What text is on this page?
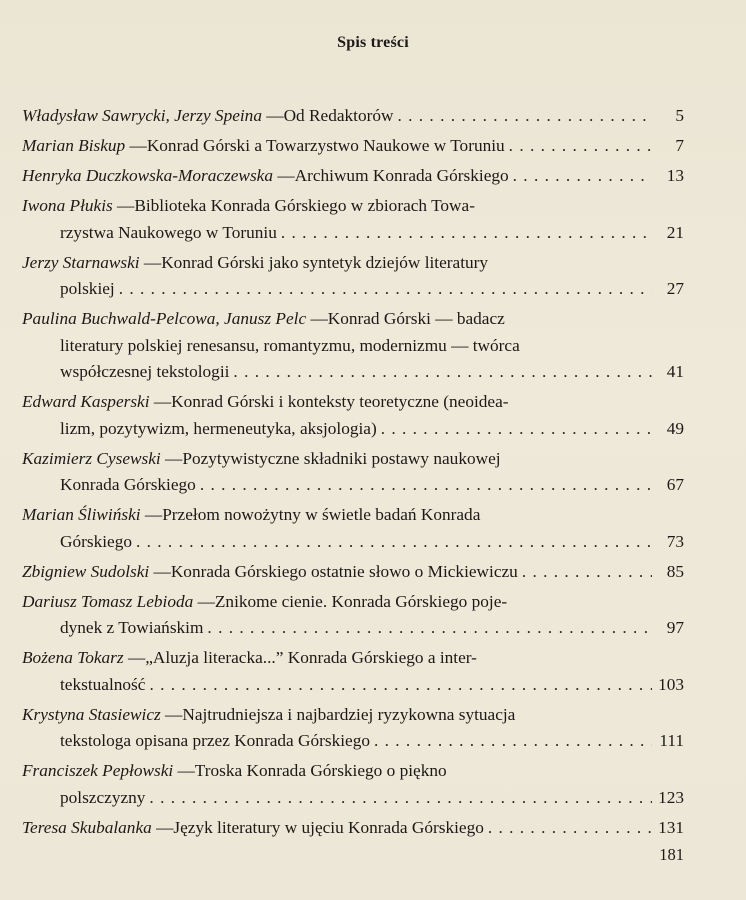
Spis treści
Władysław Sawrycki, Jerzy Speina — Od Redaktorów . . .	5
Marian Biskup — Konrad Górski a Towarzystwo Naukowe w Toruniu . . .	7
Henryka Duczkowska-Moraczewska — Archiwum Konrada Górskiego . . .	13
Iwona Płukis — Biblioteka Konrada Górskiego w zbiorach Towa-
rzystwa Naukowego w Toruniu . . .	21
Jerzy Starnawski — Konrad Górski jako syntetyk dziejów literatury
polskiej . . .	27
Paulina Buchwald-Pelcowa, Janusz Pelc — Konrad Górski — badacz
literatury polskiej renesansu, romantyzmu, modernizmu — twórca
współczesnej tekstologii . . .	41
Edward Kasperski — Konrad Górski i konteksty teoretyczne (neoidea-
lizm, pozytywizm, hermeneutyka, aksjologia) . . .	49
Kazimierz Cysewski — Pozytywistyczne składniki postawy naukowej
Konrada Górskiego . . .	67
Marian Śliwiński — Przełom nowożytny w świetle badań Konrada
Górskiego . . .	73
Zbigniew Sudolski — Konrada Górskiego ostatnie słowo o Mickiewiczu . . .	85
Dariusz Tomasz Lebioda — Znikome cienie. Konrada Górskiego poje-
dynek z Towiańskim . . .	97
Bożena Tokarz — „Aluzja literacka...” Konrada Górskiego a inter-
tekstualność . . .	103
Krystyna Stasiewicz — Najtrudniejsza i najbardziej ryzykowna sytuacja
tekstologa opisana przez Konrada Górskiego . . .	111
Franciszek Pepłowski — Troska Konrada Górskiego o piękno
polszczyzny . . .	123
Teresa Skubalanka — Język literatury w ujęciu Konrada Górskiego . . .	131
181
